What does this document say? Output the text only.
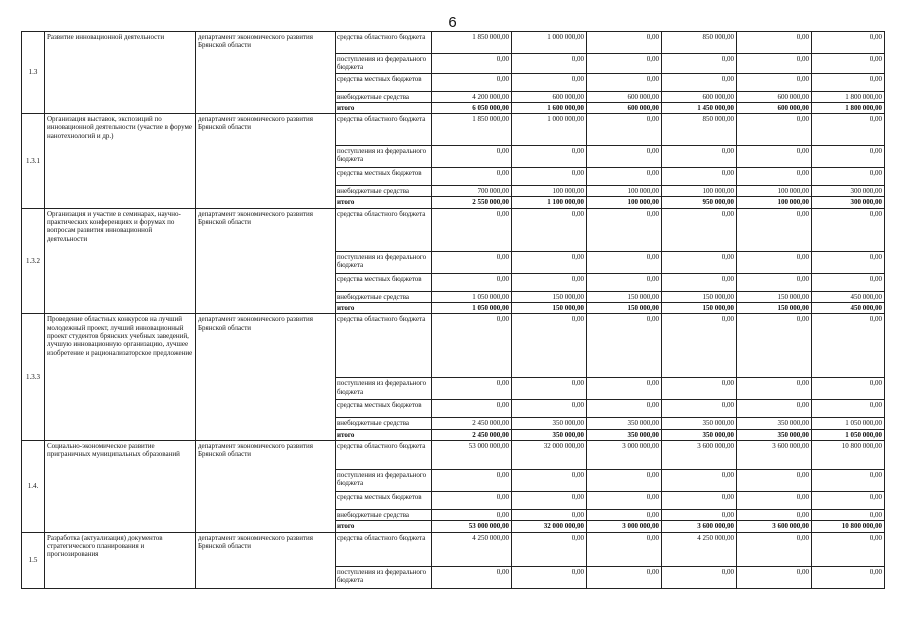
6
1.3	Развитие инновационной деятельности	департамент экономического развития Брянской области	средства областного бюджета	1 850 000,00	1 000 000,00	0,00	850 000,00	0,00	0,00
			поступления из федерального бюджета	0,00	0,00	0,00	0,00	0,00	0,00
			средства местных бюджетов	0,00	0,00	0,00	0,00	0,00	0,00
			внебюджетные средства	4 200 000,00	600 000,00	600 000,00	600 000,00	600 000,00	1 800 000,00
			итого	6 050 000,00	1 600 000,00	600 000,00	1 450 000,00	600 000,00	1 800 000,00
1.3.1	Организация выставок, экспозиций по инновационной деятельности (участие в форуме нанотехнологий и др.)	департамент экономического развития Брянской области	средства областного бюджета	1 850 000,00	1 000 000,00	0,00	850 000,00	0,00	0,00
			поступления из федерального бюджета	0,00	0,00	0,00	0,00	0,00	0,00
			средства местных бюджетов	0,00	0,00	0,00	0,00	0,00	0,00
			внебюджетные средства	700 000,00	100 000,00	100 000,00	100 000,00	100 000,00	300 000,00
			итого	2 550 000,00	1 100 000,00	100 000,00	950 000,00	100 000,00	300 000,00
1.3.2	Организация и участие в семинарах, научно-практических конференциях и форумах по вопросам развития инновационной деятельности	департамент экономического развития Брянской области	средства областного бюджета	0,00	0,00	0,00	0,00	0,00	0,00
			поступления из федерального бюджета	0,00	0,00	0,00	0,00	0,00	0,00
			средства местных бюджетов	0,00	0,00	0,00	0,00	0,00	0,00
			внебюджетные средства	1 050 000,00	150 000,00	150 000,00	150 000,00	150 000,00	450 000,00
			итого	1 050 000,00	150 000,00	150 000,00	150 000,00	150 000,00	450 000,00
1.3.3	Проведение областных конкурсов на лучший молодежный проект, лучший инновационный проект студентов брянских учебных заведений, лучшую инновационную организацию, лучшее изобретение и рационализаторское предложение	департамент экономического развития Брянской области	средства областного бюджета	0,00	0,00	0,00	0,00	0,00	0,00
			поступления из федерального бюджета	0,00	0,00	0,00	0,00	0,00	0,00
			средства местных бюджетов	0,00	0,00	0,00	0,00	0,00	0,00
			внебюджетные средства	2 450 000,00	350 000,00	350 000,00	350 000,00	350 000,00	1 050 000,00
			итого	2 450 000,00	350 000,00	350 000,00	350 000,00	350 000,00	1 050 000,00
1.4.	Социально-экономическое развитие приграничных муниципальных образований	департамент экономического развития Брянской области	средства областного бюджета	53 000 000,00	32 000 000,00	3 000 000,00	3 600 000,00	3 600 000,00	10 800 000,00
			поступления из федерального бюджета	0,00	0,00	0,00	0,00	0,00	0,00
			средства местных бюджетов	0,00	0,00	0,00	0,00	0,00	0,00
			внебюджетные средства	0,00	0,00	0,00	0,00	0,00	0,00
			итого	53 000 000,00	32 000 000,00	3 000 000,00	3 600 000,00	3 600 000,00	10 800 000,00
1.5	Разработка (актуализация) документов стратегического планирования и прогнозирования	департамент экономического развития Брянской области	средства областного бюджета	4 250 000,00	0,00	0,00	4 250 000,00	0,00	0,00
			поступления из федерального бюджета	0,00	0,00	0,00	0,00	0,00	0,00
